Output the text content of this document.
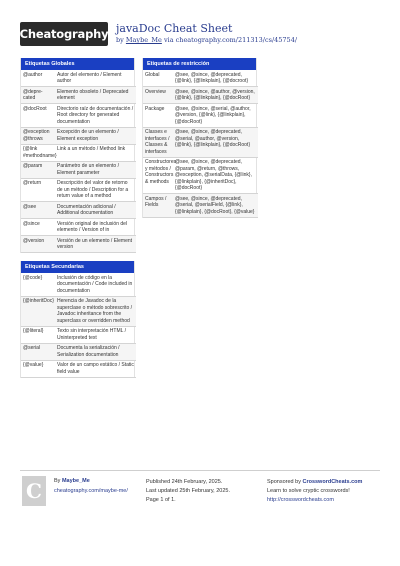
Cheatography javaDoc Cheat Sheet
by Maybe_Me via cheatography.com/211313/cs/45754/
Etiquetas Globales
@author	Autor del elemento / Element author
@depre-cated	Elemento obsoleto / Deprecated element
@docRoot	Directorio raíz de documentación / Root directory for generated documentation
@exception @throws	Excepción de un elemento / Element exception
{@link #methodname}	Link a un método / Method link
@param	Parámetro de un elemento / Element parameter
@return	Descripción del valor de retorno de un método / Description for a return value of a method
@see	Documentación adicional / Additional documentation
@since	Versión original de inclusión del elemento / Version of in
@version	Versión de un elemento / Element version
Etiquetas Secundarias
{@code}	Inclusión de código en la documentación / Code included in documentation
{@inheritDoc}	Herencia de Javadoc de la superclase o método sobrescrito / Javadoc inheritance from the superclass or overridden method
{@literal}	Texto sin interpretación HTML / Uninterpreted text
@serial	Documenta la serialización / Serialization documentation
{@value}	Valor de un campo estático / Static field value
Etiquetas de restricción
Global	@see, @since, @deprecated, {@link}, {@linkplain}, {@docroot}
Overview	@see, @since, @author, @version, {@link}, {@linkplain}, {@docRoot}
Package	@see, @since, @serial, @author, @version, {@link}, {@linkplain}, {@docRoot}
Classes e interfaces / Classes & interfaces	@see, @since, @deprecated, @serial, @author, @version, {@link}, {@linkplain}, {@docRoot}
Constructores y métodos / Constructors & methods	@see, @since, @deprecated, @param, @return, @throws, @exception, @serialData, {@link}, {@linkplain}, {@inheritDoc}, {@docRoot}
Campos / Fields	@see, @since, @deprecated, @serial, @serialField, {@link}, {@linkplain}, {@docRoot}, {@value}
C By Maybe_Me
cheatography.com/maybe-me/
Published 24th February, 2025.
Last updated 25th February, 2025.
Page 1 of 1.
Sponsored by CrosswordCheats.com
Learn to solve cryptic crosswords!
http://crosswordcheats.com
